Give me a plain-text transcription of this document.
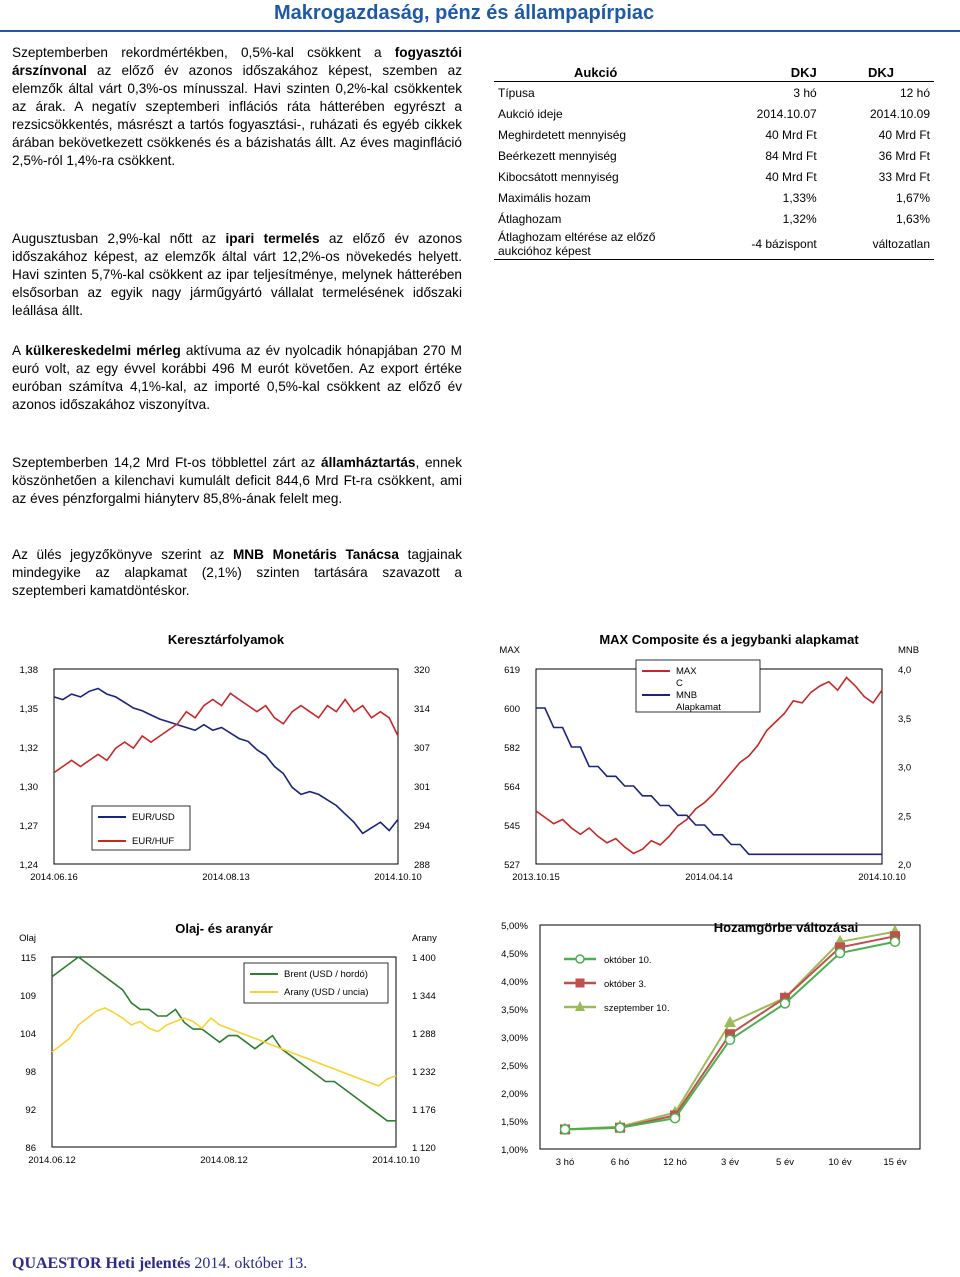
Makrogazdaság, pénz és állampapírpiac
Szeptemberben rekordmértékben, 0,5%-kal csökkent a fogyasztói árszínvonal az előző év azonos időszakához képest, szemben az elemzők által várt 0,3%-os mínusszal. Havi szinten 0,2%-kal csökkentek az árak. A negatív szeptemberi inflációs ráta hátterében egyrészt a rezsicsökkentés, másrészt a tartós fogyasztási-, ruházati és egyéb cikkek árában bekövetkezett csökkenés és a bázishatás állt. Az éves maginfláció 2,5%-ról 1,4%-ra csökkent.
Augusztusban 2,9%-kal nőtt az ipari termelés az előző év azonos időszakához képest, az elemzők által várt 12,2%-os növekedés helyett. Havi szinten 5,7%-kal csökkent az ipar teljesítménye, melynek hátterében elsősorban az egyik nagy járműgyártó vállalat termelésének időszaki leállása állt.
A külkereskedelmi mérleg aktívuma az év nyolcadik hónapjában 270 M euró volt, az egy évvel korábbi 496 M eurót követően. Az export értéke euróban számítva 4,1%-kal, az importé 0,5%-kal csökkent az előző év azonos időszakához viszonyítva.
Szeptemberben 14,2 Mrd Ft-os többlettel zárt az államháztartás, ennek köszönhetően a kilenchavi kumulált deficit 844,6 Mrd Ft-ra csökkent, ami az éves pénzforgalmi hiányterv 85,8%-ának felelt meg.
Az ülés jegyzőkönyve szerint az MNB Monetáris Tanácsa tagjainak mindegyike az alapkamat (2,1%) szinten tartására szavazott a szeptemberi kamatdöntéskor.
Aukció	DKJ	DKJ
Típusa	3 hó	12 hó
Aukció ideje	2014.10.07	2014.10.09
Meghirdetett mennyiség	40 Mrd Ft	40 Mrd Ft
Beérkezett mennyiség	84 Mrd Ft	36 Mrd Ft
Kibocsátott mennyiség	40 Mrd Ft	33 Mrd Ft
Maximális hozam	1,33%	1,67%
Átlaghozam	1,32%	1,63%
Átlaghozam eltérése az előző aukcióhoz képest	-4 bázispont	változatlan
Keresztárfolyamok
1,38
1,35
1,32
1,30
1,27
1,24
320
314
307
301
294
288
2014.06.16	2014.08.13	2014.10.10
EUR/USD
EUR/HUF
MAX Composite és a jegybanki alapkamat
619
600
582
564
545
527
4,0
3,5
3,0
2,5
2,0
2013.10.15	2014.04.14	2014.10.10
MAX	MNB
MAX
C
MNB
Alapkamat
Olaj- és aranyár
115
109
104
98
92
86
1 400
1 344
1 288
1 232
1 176
1 120
2014.06.12	2014.08.12	2014.10.10
Olaj	Arany
Brent (USD / hordó)
Arany (USD / uncia)
Hozamgörbe változásai
5,00%
4,50%
4,00%
3,50%
3,00%
2,50%
2,00%
1,50%
1,00%
3 hó	6 hó	12 hó	3 év	5 év	10 év	15 év
október 10.
október 3.
szeptember 10.
QUAESTOR Heti jelentés 2014. október 13.
